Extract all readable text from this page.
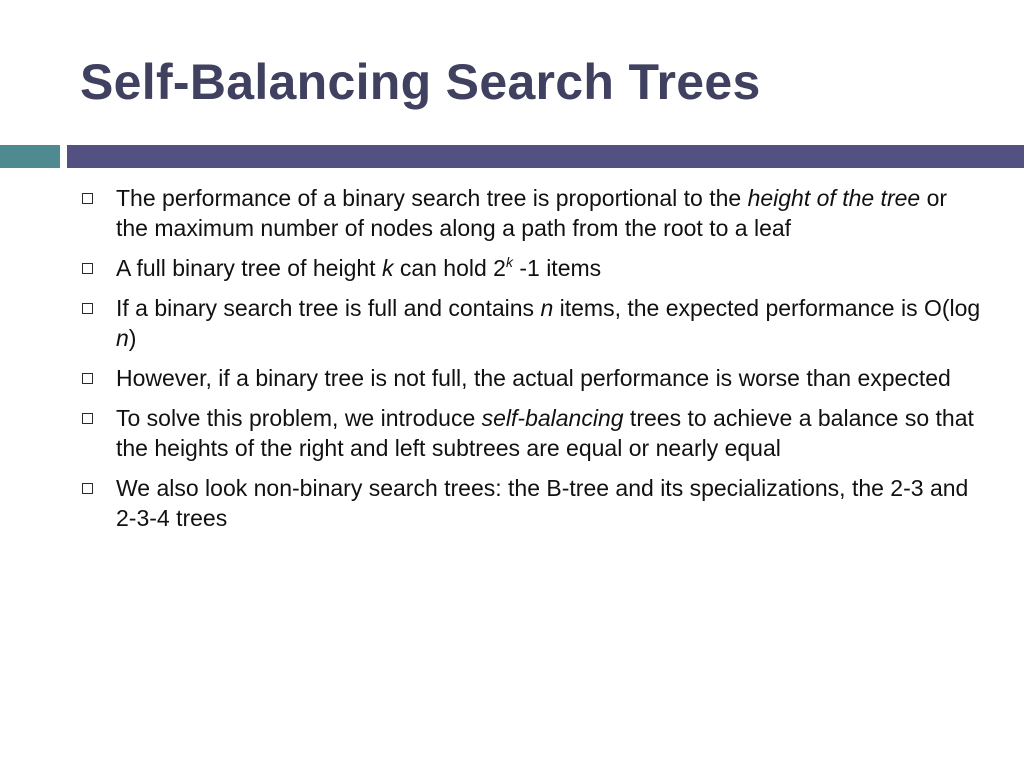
Self-Balancing Search Trees
The performance of a binary search tree is proportional to the height of the tree or the maximum number of nodes along a path from the root to a leaf
A full binary tree of height k can hold 2$^k$ -1 items
If a binary search tree is full and contains n items, the expected performance is O(log n)
However, if a binary tree is not full, the actual performance is worse than expected
To solve this problem, we introduce self-balancing trees to achieve a balance so that the heights of the right and left subtrees are equal or nearly equal
We also look non-binary search trees: the B-tree and its specializations, the 2-3 and 2-3-4 trees
